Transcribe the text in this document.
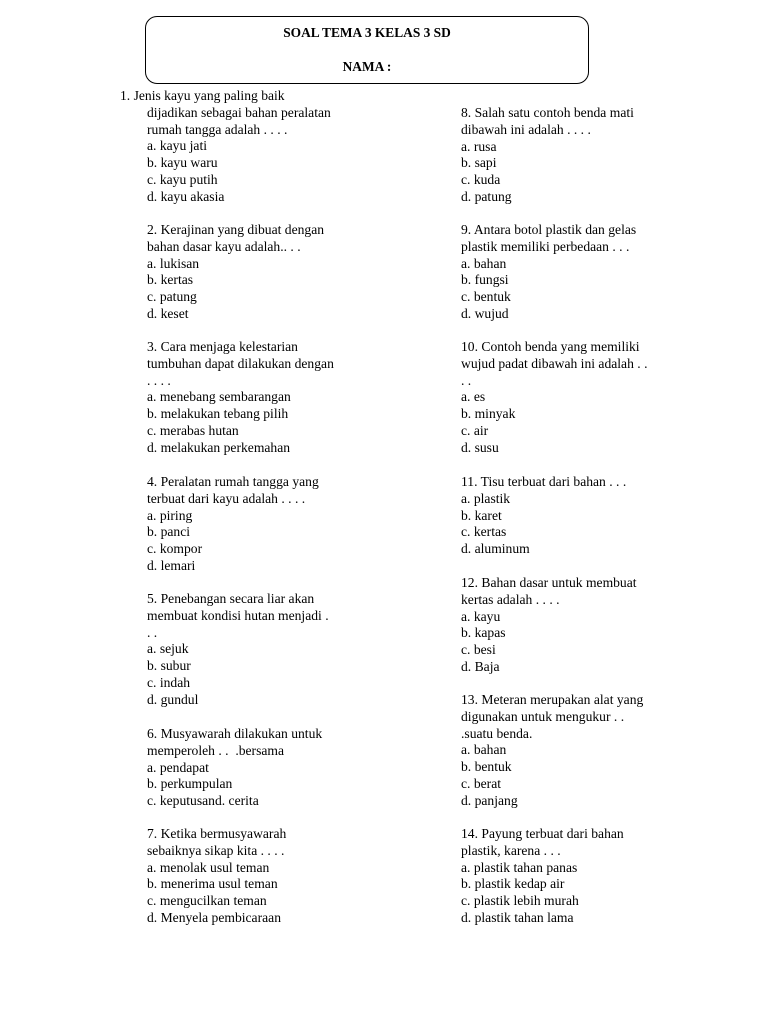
SOAL TEMA 3 KELAS 3 SD
NAMA :
1. Jenis kayu yang paling baik
dijadikan sebagai bahan peralatan
rumah tangga adalah . . . .
a. kayu jati
b. kayu waru
c. kayu putih
d. kayu akasia
2. Kerajinan yang dibuat dengan
bahan dasar kayu adalah.. . .
a. lukisan
b. kertas
c. patung
d. keset
3. Cara menjaga kelestarian
tumbuhan dapat dilakukan dengan
. . . .
a. menebang sembarangan
b. melakukan tebang pilih
c. merabas hutan
d. melakukan perkemahan
4. Peralatan rumah tangga yang
terbuat dari kayu adalah . . . .
a. piring
b. panci
c. kompor
d. lemari
5. Penebangan secara liar akan
membuat kondisi hutan menjadi .
. .
a. sejuk
b. subur
c. indah
d. gundul
6. Musyawarah dilakukan untuk
memperoleh . .  .bersama
a. pendapat
b. perkumpulan
c. keputusand. cerita
7. Ketika bermusyawarah
sebaiknya sikap kita . . . .
a. menolak usul teman
b. menerima usul teman
c. mengucilkan teman
d. Menyela pembicaraan
8. Salah satu contoh benda mati
dibawah ini adalah . . . .
a. rusa
b. sapi
c. kuda
d. patung
9. Antara botol plastik dan gelas
plastik memiliki perbedaan . . .
a. bahan
b. fungsi
c. bentuk
d. wujud
10. Contoh benda yang memiliki
wujud padat dibawah ini adalah . .
. .
a. es
b. minyak
c. air
d. susu
11. Tisu terbuat dari bahan . . .
a. plastik
b. karet
c. kertas
d. aluminum
12. Bahan dasar untuk membuat
kertas adalah . . . .
a. kayu
b. kapas
c. besi
d. Baja
13. Meteran merupakan alat yang
digunakan untuk mengukur . .
.suatu benda.
a. bahan
b. bentuk
c. berat
d. panjang
14. Payung terbuat dari bahan
plastik, karena . . .
a. plastik tahan panas
b. plastik kedap air
c. plastik lebih murah
d. plastik tahan lama
